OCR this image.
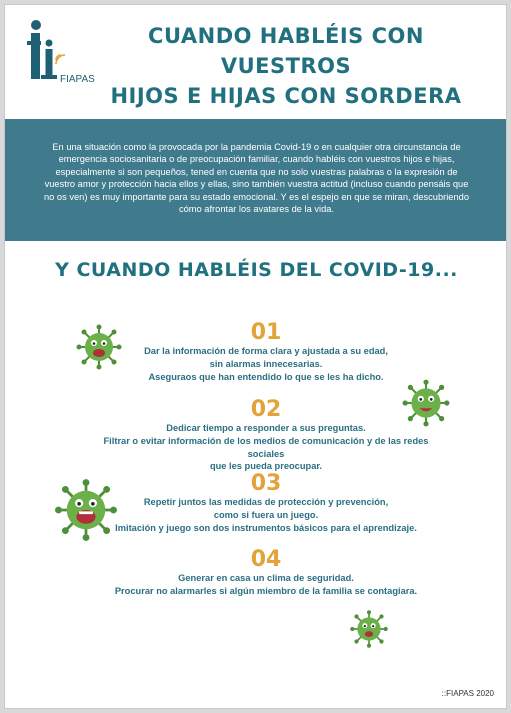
FIAPAS
CUANDO HABLÉIS CON VUESTROS
HIJOS E HIJAS CON SORDERA

En una situación como la provocada por la pandemia Covid-19 o en cualquier otra circunstancia de emergencia sociosanitaria o de preocupación familiar, cuando habléis con vuestros hijos e hijas, especialmente si son pequeños, tened en cuenta que no solo vuestras palabras o la expresión de vuestro amor y protección hacia ellos y ellas, sino también vuestra actitud (incluso cuando pensáis que no os ven) es muy importante para su estado emocional. Y es el espejo en que se miran, descubriendo cómo afrontar los avatares de la vida.

Y CUANDO HABLÉIS DEL COVID-19...
01
Dar la información de forma clara y ajustada a su edad,
sin alarmas innecesarias.
Aseguraos que han entendido lo que se les ha dicho.
02
Dedicar tiempo a responder a sus preguntas.
Filtrar o evitar información de los medios de comunicación y de las redes sociales
que les pueda preocupar.
03
Repetir juntos las medidas de protección y prevención,
como si fuera un juego.
Imitación y juego son dos instrumentos básicos para el aprendizaje.
04
Generar en casa un clima de seguridad.
Procurar no alarmarles si algún miembro de la familia se contagiara.
::FIAPAS 2020
